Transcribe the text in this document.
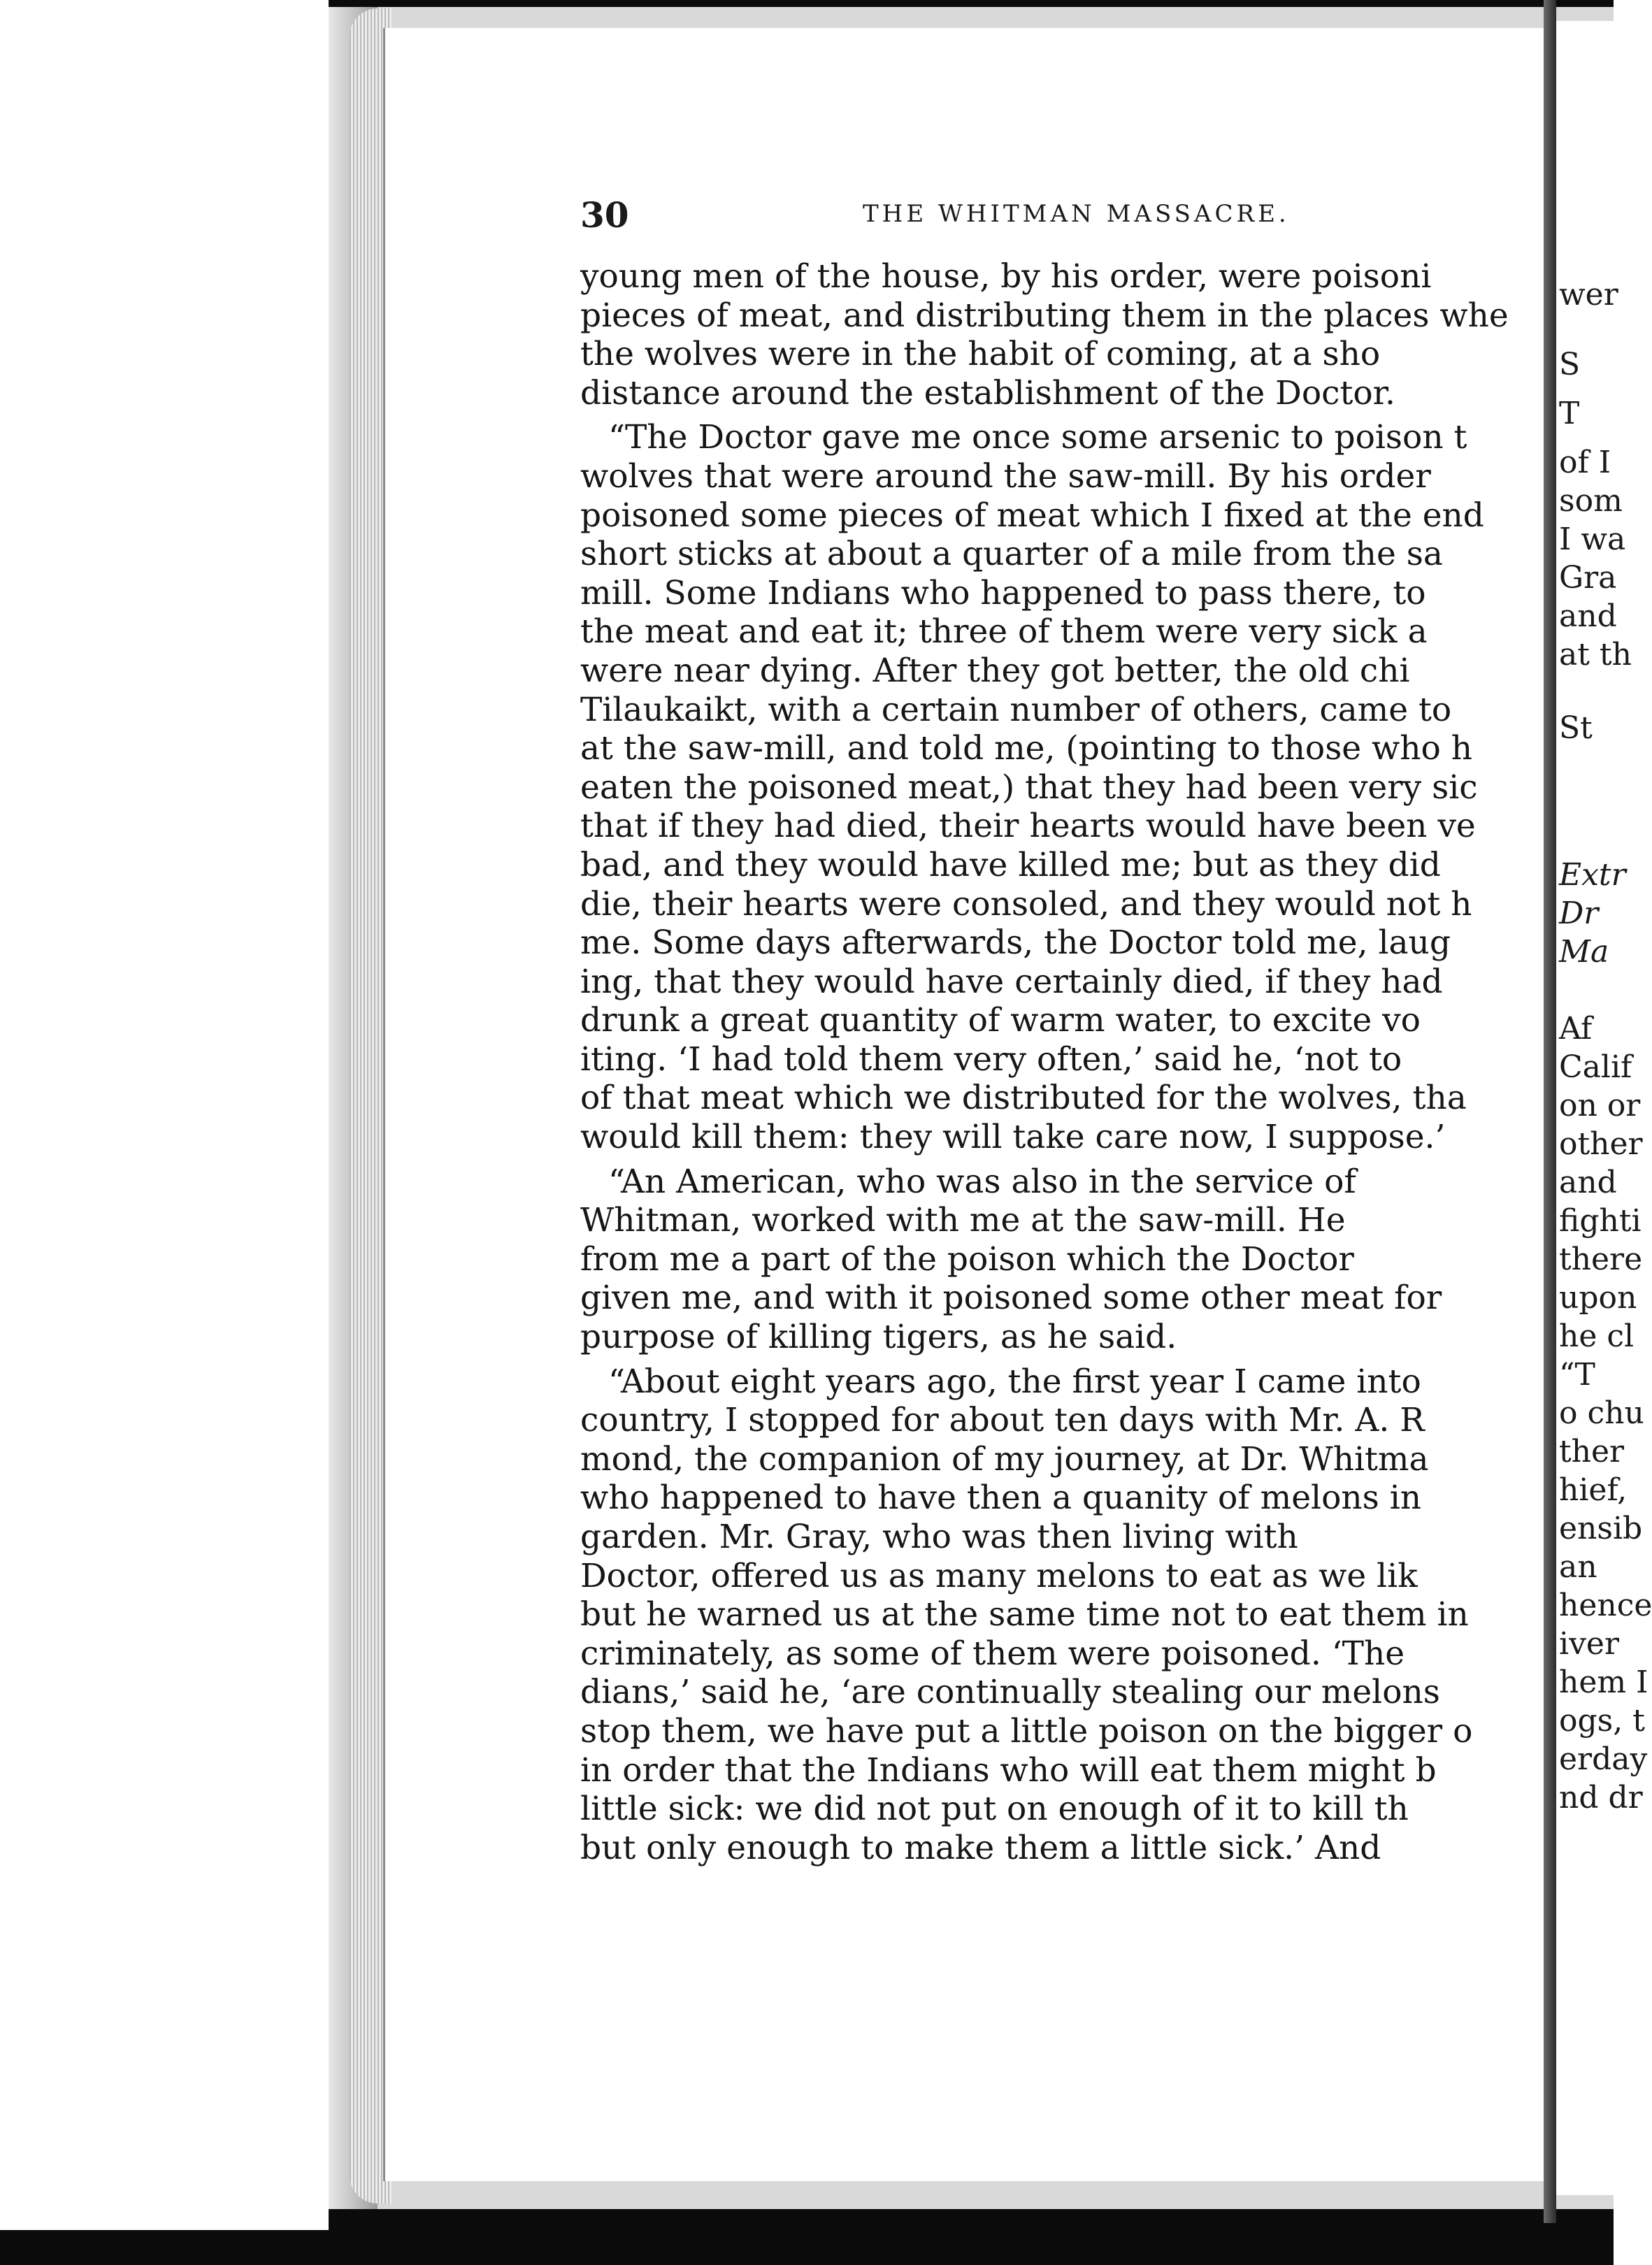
wer
S
T
of I
som
I wa
Gra
and
at th
St
Extr
Dr
Ma
Af
Calif
on or
other
and
fighti
there
upon
he cl
“T
o chu
ther
hief,
ensib
an
hence
iver
hem I
ogs, t
erday
nd dr
30	THE WHITMAN MASSACRE.
young men of the house, by his order, were poisoni
pieces of meat, and distributing them in the places whe
the wolves were in the habit of coming, at a sho
distance around the establishment of the Doctor.
“The Doctor gave me once some arsenic to poison t
wolves that were around the saw-mill. By his order
poisoned some pieces of meat which I fixed at the end
short sticks at about a quarter of a mile from the sa
mill. Some Indians who happened to pass there, to
the meat and eat it; three of them were very sick a
were near dying. After they got better, the old chi
Tilaukaikt, with a certain number of others, came to
at the saw-mill, and told me, (pointing to those who h
eaten the poisoned meat,) that they had been very sic
that if they had died, their hearts would have been ve
bad, and they would have killed me; but as they did
die, their hearts were consoled, and they would not h
me. Some days afterwards, the Doctor told me, laug
ing, that they would have certainly died, if they had
drunk a great quantity of warm water, to excite vo
iting. ‘I had told them very often,’ said he, ‘not to
of that meat which we distributed for the wolves, tha
would kill them: they will take care now, I suppose.’
“An American, who was also in the service of
Whitman, worked with me at the saw-mill. He
from me a part of the poison which the Doctor
given me, and with it poisoned some other meat for
purpose of killing tigers, as he said.
“About eight years ago, the first year I came into
country, I stopped for about ten days with Mr. A. R
mond, the companion of my journey, at Dr. Whitma
who happened to have then a quanity of melons in
garden. Mr. Gray, who was then living with
Doctor, offered us as many melons to eat as we lik
but he warned us at the same time not to eat them in
criminately, as some of them were poisoned. ‘The
dians,’ said he, ‘are continually stealing our melons
stop them, we have put a little poison on the bigger o
in order that the Indians who will eat them might b
little sick: we did not put on enough of it to kill th
but only enough to make them a little sick.’ And
